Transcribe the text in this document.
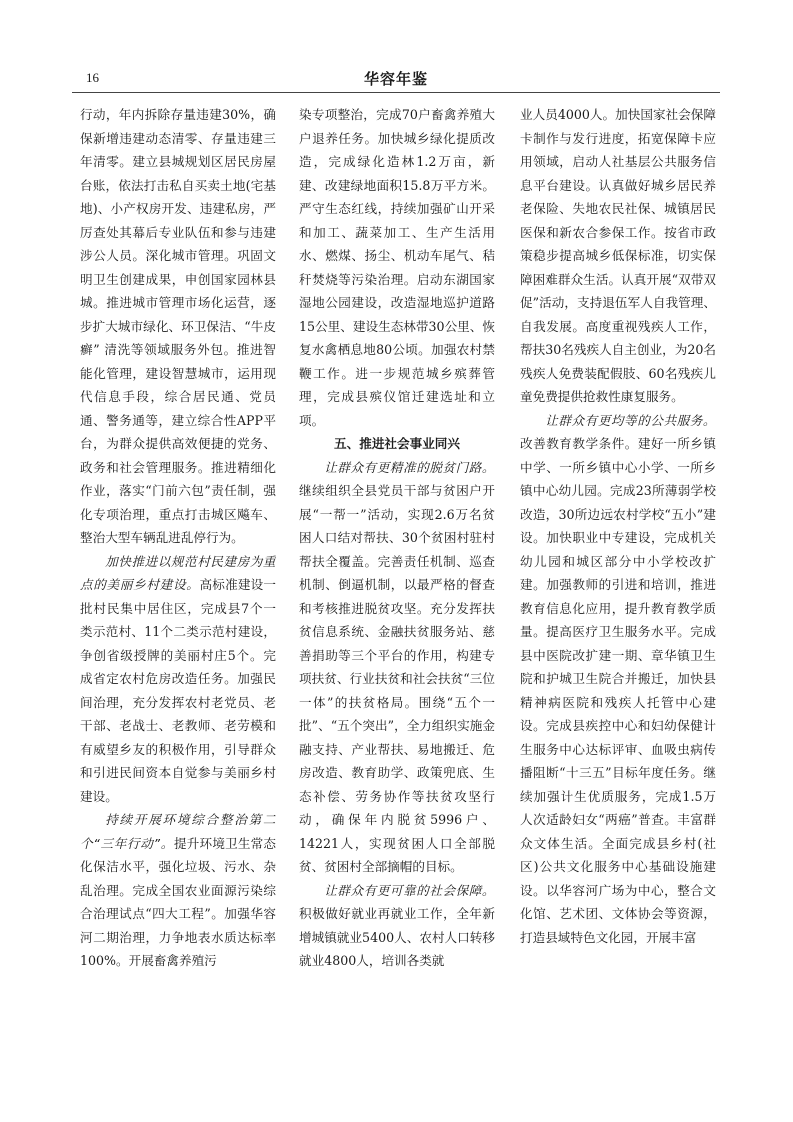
16	华容年鉴

行动，年内拆除存量违建30%，确保新增违建动态清零、存量违建三年清零。建立县城规划区居民房屋台账，依法打击私自买卖土地(宅基地)、小产权房开发、违建私房，严厉查处其幕后专业队伍和参与违建涉公人员。深化城市管理。巩固文明卫生创建成果，申创国家园林县城。推进城市管理市场化运营，逐步扩大城市绿化、环卫保洁、“牛皮癣” 清洗等领域服务外包。推进智能化管理，建设智慧城市，运用现代信息手段，综合居民通、党员通、警务通等，建立综合性APP平台，为群众提供高效便捷的党务、政务和社会管理服务。推进精细化作业，落实“门前六包”责任制，强化专项治理，重点打击城区飚车、整治大型车辆乱进乱停行为。

加快推进以规范村民建房为重点的美丽乡村建设。高标准建设一批村民集中居住区，完成县7个一类示范村、11个二类示范村建设，争创省级授牌的美丽村庄5个。完成省定农村危房改造任务。加强民间治理，充分发挥农村老党员、老干部、老战士、老教师、老劳模和有威望乡友的积极作用，引导群众和引进民间资本自觉参与美丽乡村建设。

持续开展环境综合整治第二个“三年行动”。提升环境卫生常态化保洁水平，强化垃圾、污水、杂乱治理。完成全国农业面源污染综合治理试点“四大工程”。加强华容河二期治理，力争地表水质达标率100%。开展畜禽养殖污

染专项整治，完成70户畜禽养殖大户退养任务。加快城乡绿化提质改造，完成绿化造林1.2万亩，新建、改建绿地面积15.8万平方米。严守生态红线，持续加强矿山开采和加工、蔬菜加工、生产生活用水、燃煤、扬尘、机动车尾气、秸秆焚烧等污染治理。启动东湖国家湿地公园建设，改造湿地巡护道路15公里、建设生态林带30公里、恢复水禽栖息地80公顷。加强农村禁鞭工作。进一步规范城乡殡葬管理，完成县殡仪馆迁建选址和立项。

五、推进社会事业同兴

让群众有更精准的脱贫门路。继续组织全县党员干部与贫困户开展“一帮一”活动，实现2.6万名贫困人口结对帮扶、30个贫困村驻村帮扶全覆盖。完善责任机制、巡查机制、倒逼机制，以最严格的督查和考核推进脱贫攻坚。充分发挥扶贫信息系统、金融扶贫服务站、慈善捐助等三个平台的作用，构建专项扶贫、行业扶贫和社会扶贫“三位一体”的扶贫格局。围绕“五个一批”、“五个突出”，全力组织实施金融支持、产业帮扶、易地搬迁、危房改造、教育助学、政策兜底、生态补偿、劳务协作等扶贫攻坚行动，确保年内脱贫5996户、14221人，实现贫困人口全部脱贫、贫困村全部摘帽的目标。

让群众有更可靠的社会保障。积极做好就业再就业工作，全年新增城镇就业5400人、农村人口转移就业4800人，培训各类就

业人员4000人。加快国家社会保障卡制作与发行进度，拓宽保障卡应用领域，启动人社基层公共服务信息平台建设。认真做好城乡居民养老保险、失地农民社保、城镇居民医保和新农合参保工作。按省市政策稳步提高城乡低保标准，切实保障困难群众生活。认真开展“双带双促”活动，支持退伍军人自我管理、自我发展。高度重视残疾人工作，帮扶30名残疾人自主创业，为20名残疾人免费装配假肢、60名残疾儿童免费提供抢救性康复服务。

让群众有更均等的公共服务。改善教育教学条件。建好一所乡镇中学、一所乡镇中心小学、一所乡镇中心幼儿园。完成23所薄弱学校改造，30所边远农村学校“五小”建设。加快职业中专建设，完成机关幼儿园和城区部分中小学校改扩建。加强教师的引进和培训，推进教育信息化应用，提升教育教学质量。提高医疗卫生服务水平。完成县中医院改扩建一期、章华镇卫生院和护城卫生院合并搬迁，加快县精神病医院和残疾人托管中心建设。完成县疾控中心和妇幼保健计生服务中心达标评审、血吸虫病传播阻断“十三五”目标年度任务。继续加强计生优质服务，完成1.5万人次适龄妇女“两癌”普查。丰富群众文体生活。全面完成县乡村(社区)公共文化服务中心基础设施建设。以华容河广场为中心，整合文化馆、艺术团、文体协会等资源，打造县域特色文化园，开展丰富
